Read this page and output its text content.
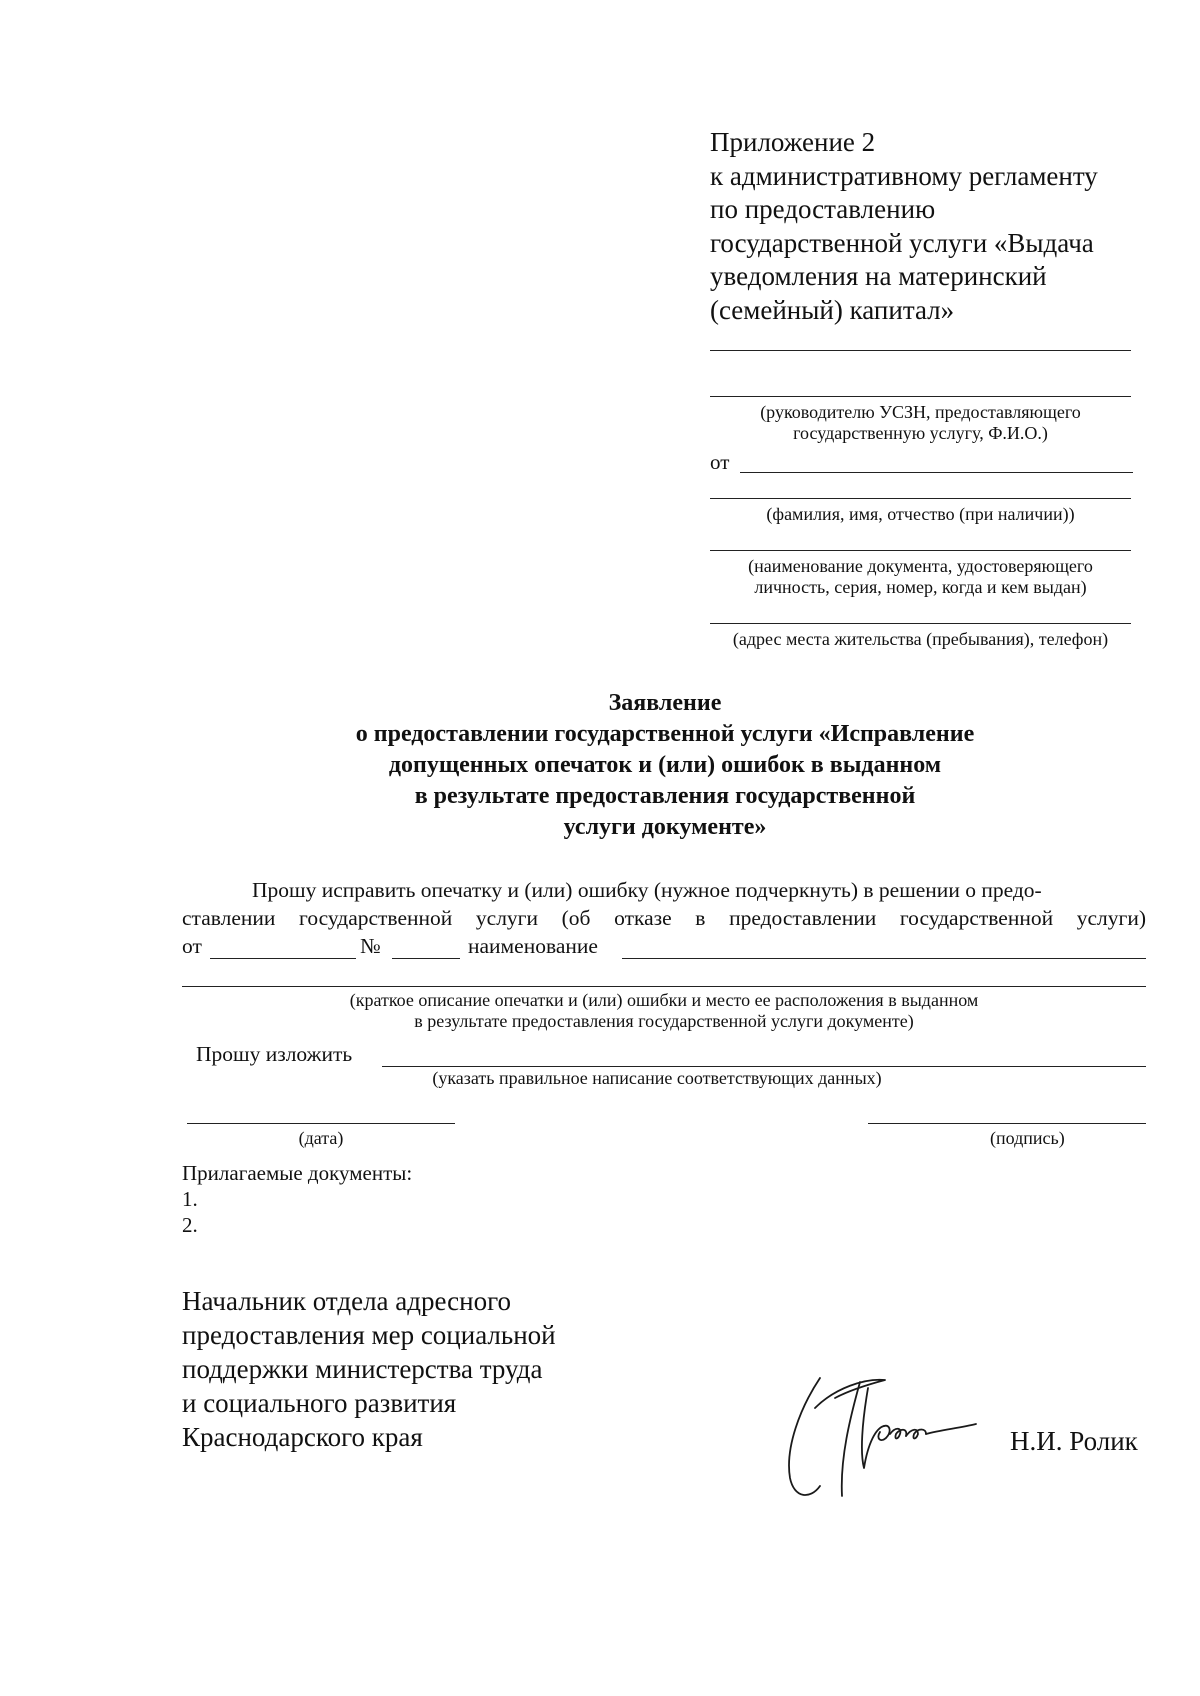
Приложение 2
к административному регламенту
по предоставлению
государственной услуги «Выдача
уведомления на материнский
(семейный) капитал»
(руководителю УСЗН, предоставляющего
государственную услугу, Ф.И.О.)
от
(фамилия, имя, отчество (при наличии))
(наименование документа, удостоверяющего
личность, серия, номер, когда и кем выдан)
(адрес места жительства (пребывания), телефон)
Заявление
о предоставлении государственной услуги «Исправление
допущенных опечаток и (или) ошибок в выданном
в результате предоставления государственной
услуги документе»
Прошу исправить опечатку и (или) ошибку (нужное подчеркнуть) в решении о предо-
ставлении государственной услуги (об отказе в предоставлении государственной услуги)
от	№	наименование
(краткое описание опечатки и (или) ошибки и место ее расположения в выданном
в результате предоставления государственной услуги документе)
Прошу изложить
(указать правильное написание соответствующих данных)
(дата)	(подпись)
Прилагаемые документы:
1.
2.
Начальник отдела адресного
предоставления мер социальной
поддержки министерства труда
и социального развития
Краснодарского края	Н.И. Ролик
